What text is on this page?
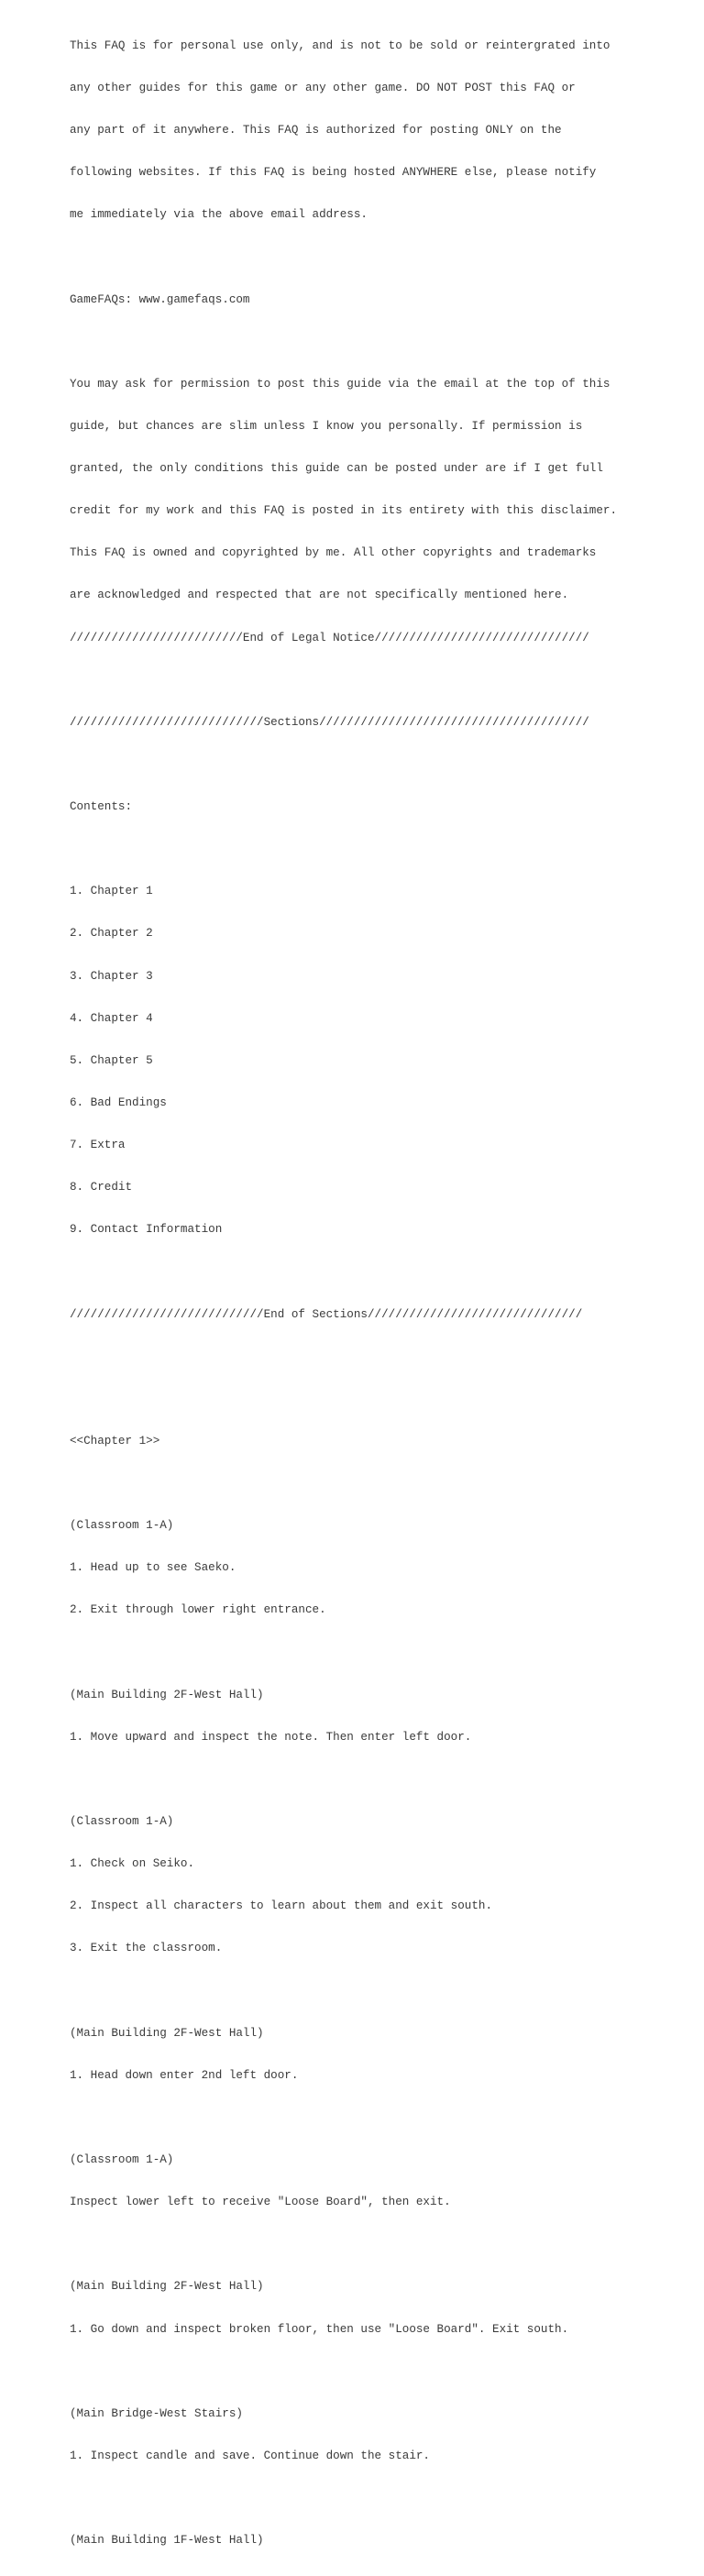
This FAQ is for personal use only, and is not to be sold or reintergrated into

any other guides for this game or any other game. DO NOT POST this FAQ or

any part of it anywhere. This FAQ is authorized for posting ONLY on the

following websites. If this FAQ is being hosted ANYWHERE else, please notify

me immediately via the above email address.

GameFAQs: www.gamefaqs.com

You may ask for permission to post this guide via the email at the top of this

guide, but chances are slim unless I know you personally. If permission is

granted, the only conditions this guide can be posted under are if I get full

credit for my work and this FAQ is posted in its entirety with this disclaimer.

This FAQ is owned and copyrighted by me. All other copyrights and trademarks

are acknowledged and respected that are not specifically mentioned here.

/////////////////////////End of Legal Notice///////////////////////////////

////////////////////////////Sections///////////////////////////////////////

Contents:

1. Chapter 1

2. Chapter 2

3. Chapter 3

4. Chapter 4

5. Chapter 5

6. Bad Endings

7. Extra

8. Credit

9. Contact Information

////////////////////////////End of Sections///////////////////////////////

<<Chapter 1>>

(Classroom 1-A)

1. Head up to see Saeko.

2. Exit through lower right entrance.

(Main Building 2F-West Hall)

1. Move upward and inspect the note. Then enter left door.

(Classroom 1-A)

1. Check on Seiko.

2. Inspect all characters to learn about them and exit south.

3. Exit the classroom.

(Main Building 2F-West Hall)

1. Head down enter 2nd left door.

(Classroom 1-A)

Inspect lower left to receive "Loose Board", then exit.

(Main Building 2F-West Hall)

1. Go down and inspect broken floor, then use "Loose Board". Exit south.

(Main Bridge-West Stairs)

1. Inspect candle and save. Continue down the stair.

(Main Building 1F-West Hall)
